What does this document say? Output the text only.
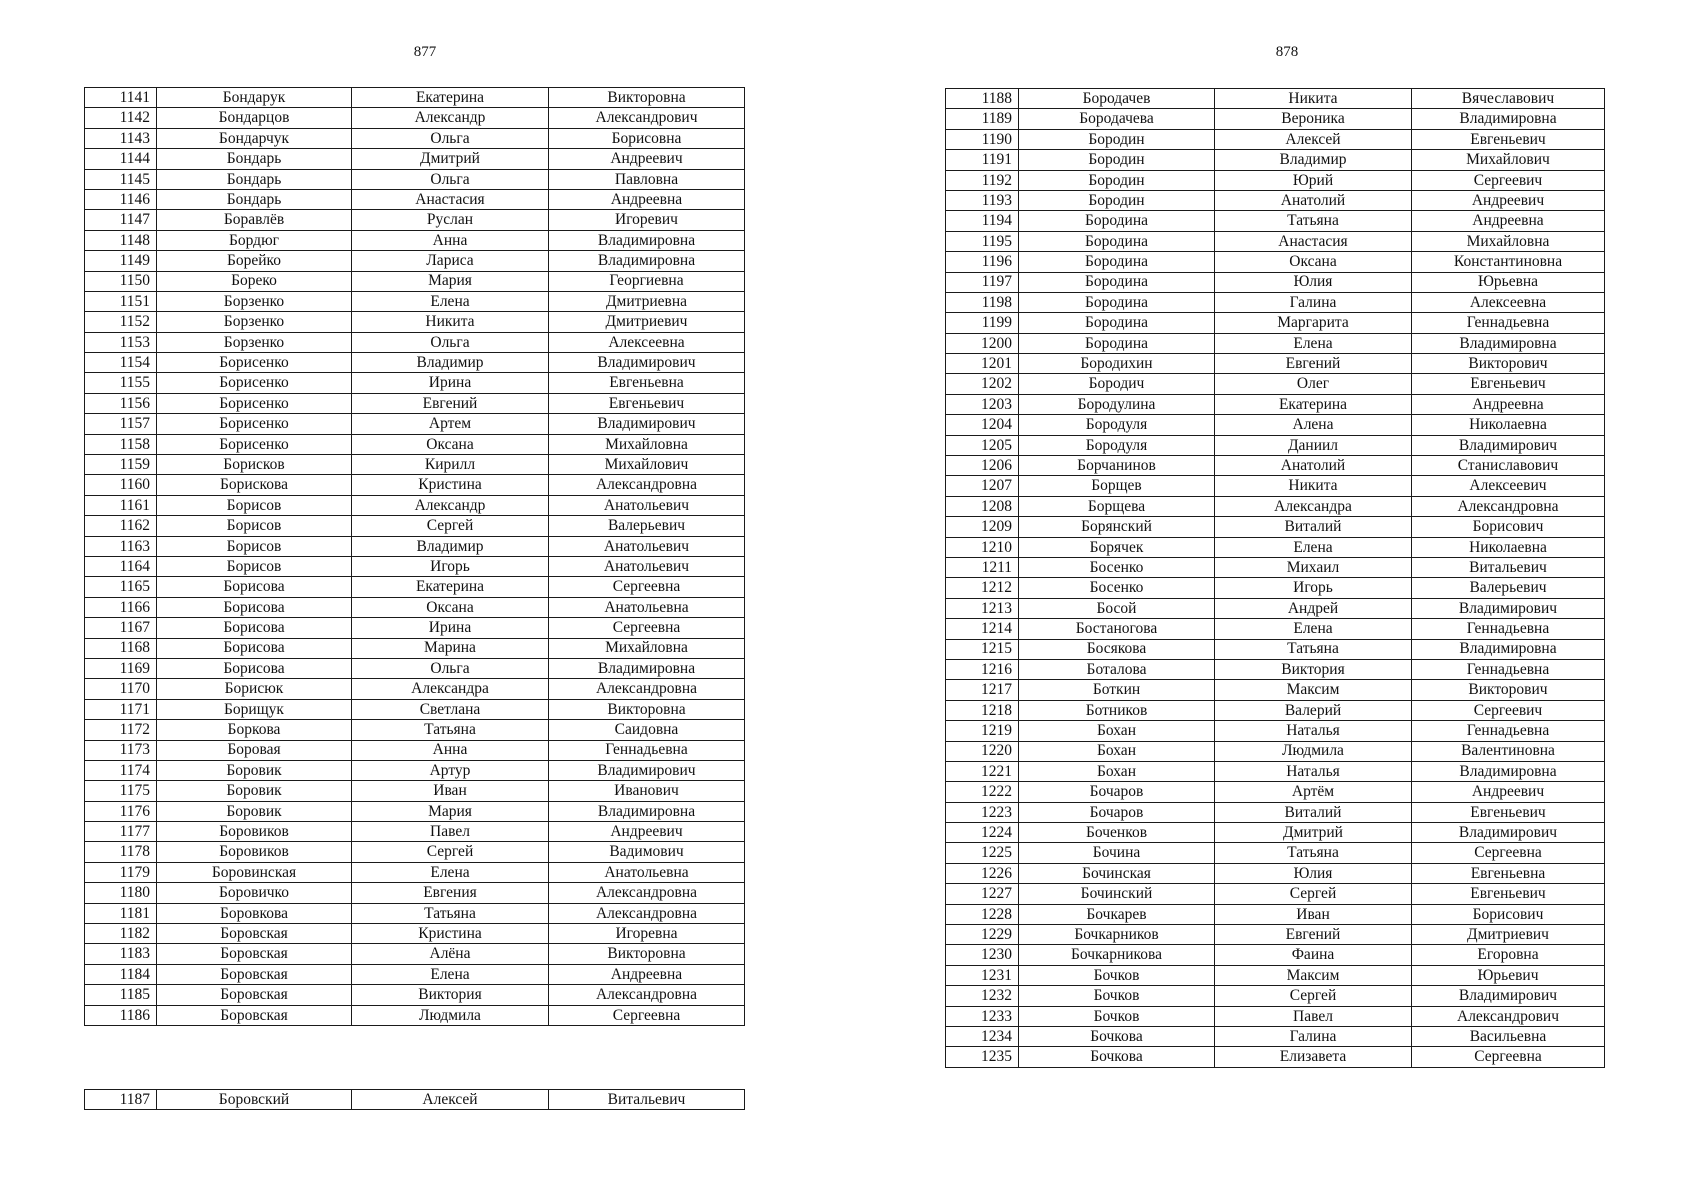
877
1141	Бондарук	Екатерина	Викторовна
1142	Бондарцов	Александр	Александрович
1143	Бондарчук	Ольга	Борисовна
1144	Бондарь	Дмитрий	Андреевич
1145	Бондарь	Ольга	Павловна
1146	Бондарь	Анастасия	Андреевна
1147	Боравлёв	Руслан	Игоревич
1148	Бордюг	Анна	Владимировна
1149	Борейко	Лариса	Владимировна
1150	Бореко	Мария	Георгиевна
1151	Борзенко	Елена	Дмитриевна
1152	Борзенко	Никита	Дмитриевич
1153	Борзенко	Ольга	Алексеевна
1154	Борисенко	Владимир	Владимирович
1155	Борисенко	Ирина	Евгеньевна
1156	Борисенко	Евгений	Евгеньевич
1157	Борисенко	Артем	Владимирович
1158	Борисенко	Оксана	Михайловна
1159	Борисков	Кирилл	Михайлович
1160	Борискова	Кристина	Александровна
1161	Борисов	Александр	Анатольевич
1162	Борисов	Сергей	Валерьевич
1163	Борисов	Владимир	Анатольевич
1164	Борисов	Игорь	Анатольевич
1165	Борисова	Екатерина	Сергеевна
1166	Борисова	Оксана	Анатольевна
1167	Борисова	Ирина	Сергеевна
1168	Борисова	Марина	Михайловна
1169	Борисова	Ольга	Владимировна
1170	Борисюк	Александра	Александровна
1171	Борищук	Светлана	Викторовна
1172	Боркова	Татьяна	Саидовна
1173	Боровая	Анна	Геннадьевна
1174	Боровик	Артур	Владимирович
1175	Боровик	Иван	Иванович
1176	Боровик	Мария	Владимировна
1177	Боровиков	Павел	Андреевич
1178	Боровиков	Сергей	Вадимович
1179	Боровинская	Елена	Анатольевна
1180	Боровичко	Евгения	Александровна
1181	Боровкова	Татьяна	Александровна
1182	Боровская	Кристина	Игоревна
1183	Боровская	Алёна	Викторовна
1184	Боровская	Елена	Андреевна
1185	Боровская	Виктория	Александровна
1186	Боровская	Людмила	Сергеевна
1187	Боровский	Алексей	Витальевич
878
1188	Бородачев	Никита	Вячеславович
1189	Бородачева	Вероника	Владимировна
1190	Бородин	Алексей	Евгеньевич
1191	Бородин	Владимир	Михайлович
1192	Бородин	Юрий	Сергеевич
1193	Бородин	Анатолий	Андреевич
1194	Бородина	Татьяна	Андреевна
1195	Бородина	Анастасия	Михайловна
1196	Бородина	Оксана	Константиновна
1197	Бородина	Юлия	Юрьевна
1198	Бородина	Галина	Алексеевна
1199	Бородина	Маргарита	Геннадьевна
1200	Бородина	Елена	Владимировна
1201	Бородихин	Евгений	Викторович
1202	Бородич	Олег	Евгеньевич
1203	Бородулина	Екатерина	Андреевна
1204	Бородуля	Алена	Николаевна
1205	Бородуля	Даниил	Владимирович
1206	Борчанинов	Анатолий	Станиславович
1207	Борщев	Никита	Алексеевич
1208	Борщева	Александра	Александровна
1209	Борянский	Виталий	Борисович
1210	Борячек	Елена	Николаевна
1211	Босенко	Михаил	Витальевич
1212	Босенко	Игорь	Валерьевич
1213	Босой	Андрей	Владимирович
1214	Бостаногова	Елена	Геннадьевна
1215	Босякова	Татьяна	Владимировна
1216	Боталова	Виктория	Геннадьевна
1217	Боткин	Максим	Викторович
1218	Ботников	Валерий	Сергеевич
1219	Бохан	Наталья	Геннадьевна
1220	Бохан	Людмила	Валентиновна
1221	Бохан	Наталья	Владимировна
1222	Бочаров	Артём	Андреевич
1223	Бочаров	Виталий	Евгеньевич
1224	Боченков	Дмитрий	Владимирович
1225	Бочина	Татьяна	Сергеевна
1226	Бочинская	Юлия	Евгеньевна
1227	Бочинский	Сергей	Евгеньевич
1228	Бочкарев	Иван	Борисович
1229	Бочкарников	Евгений	Дмитриевич
1230	Бочкарникова	Фаина	Егоровна
1231	Бочков	Максим	Юрьевич
1232	Бочков	Сергей	Владимирович
1233	Бочков	Павел	Александрович
1234	Бочкова	Галина	Васильевна
1235	Бочкова	Елизавета	Сергеевна
